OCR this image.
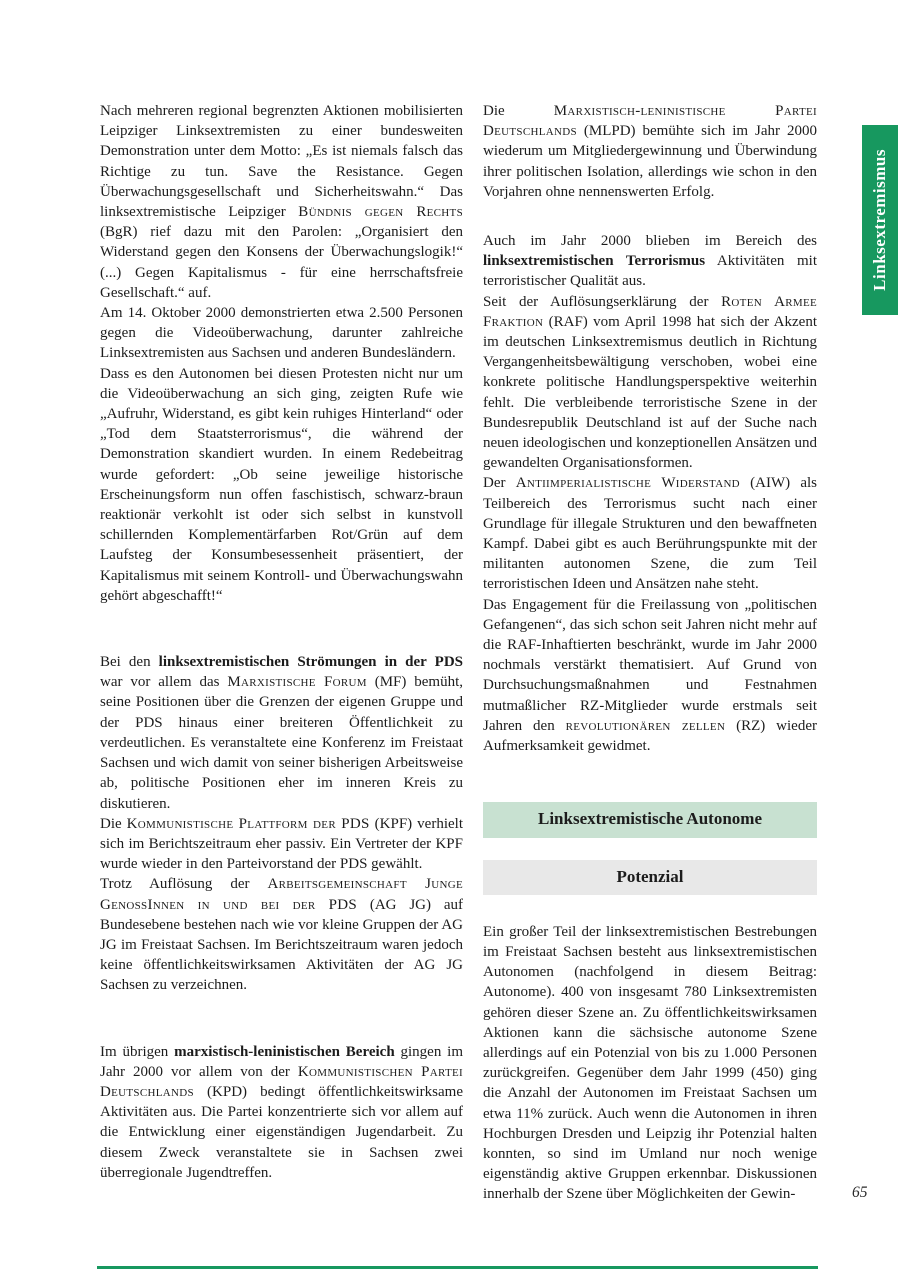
Nach mehreren regional begrenzten Aktionen mobilisierten Leipziger Linksextremisten zu einer bundesweiten Demonstration unter dem Motto: „Es ist niemals falsch das Richtige zu tun. Save the Resistance. Gegen Überwachungsgesellschaft und Sicherheitswahn.“ Das linksextremistische Leipziger Bündnis gegen Rechts (BgR) rief dazu mit den Parolen: „Organisiert den Widerstand gegen den Konsens der Überwachungslogik!“ (...) Gegen Kapitalismus - für eine herrschaftsfreie Gesellschaft.“ auf.

Am 14. Oktober 2000 demonstrierten etwa 2.500 Personen gegen die Videoüberwachung, darunter zahlreiche Linksextremisten aus Sachsen und anderen Bundesländern.

Dass es den Autonomen bei diesen Protesten nicht nur um die Videoüberwachung an sich ging, zeigten Rufe wie „Aufruhr, Widerstand, es gibt kein ruhiges Hinterland“ oder „Tod dem Staatsterrorismus“, die während der Demonstration skandiert wurden. In einem Redebeitrag wurde gefordert: „Ob seine jeweilige historische Erscheinungsform nun offen faschistisch, schwarz-braun reaktionär verkohlt ist oder sich selbst in kunstvoll schillernden Komplementärfarben Rot/Grün auf dem Laufsteg der Konsumbesessenheit präsentiert, der Kapitalismus mit seinem Kontroll- und Überwachungswahn gehört abgeschafft!“

Bei den linksextremistischen Strömungen in der PDS war vor allem das Marxistische Forum (MF) bemüht, seine Positionen über die Grenzen der eigenen Gruppe und der PDS hinaus einer breiteren Öffentlichkeit zu verdeutlichen. Es veranstaltete eine Konferenz im Freistaat Sachsen und wich damit von seiner bisherigen Arbeitsweise ab, politische Positionen eher im inneren Kreis zu diskutieren.

Die Kommunistische Plattform der PDS (KPF) verhielt sich im Berichtszeitraum eher passiv. Ein Vertreter der KPF wurde wieder in den Parteivorstand der PDS gewählt.

Trotz Auflösung der Arbeitsgemeinschaft Junge GenossInnen in und bei der PDS (AG JG) auf Bundesebene bestehen nach wie vor kleine Gruppen der AG JG im Freistaat Sachsen. Im Berichtszeitraum waren jedoch keine öffentlichkeitswirksamen Aktivitäten der AG JG Sachsen zu verzeichnen.

Im übrigen marxistisch-leninistischen Bereich gingen im Jahr 2000 vor allem von der Kommunistischen Partei Deutschlands (KPD) bedingt öffentlichkeitswirksame Aktivitäten aus. Die Partei konzentrierte sich vor allem auf die Entwicklung einer eigenständigen Jugendarbeit. Zu diesem Zweck veranstaltete sie in Sachsen zwei überregionale Jugendtreffen.

Die Marxistisch-leninistische Partei Deutschlands (MLPD) bemühte sich im Jahr 2000 wiederum um Mitgliedergewinnung und Überwindung ihrer politischen Isolation, allerdings wie schon in den Vorjahren ohne nennenswerten Erfolg.

Auch im Jahr 2000 blieben im Bereich des linksextremistischen Terrorismus Aktivitäten mit terroristischer Qualität aus.

Seit der Auflösungserklärung der Roten Armee Fraktion (RAF) vom April 1998 hat sich der Akzent im deutschen Linksextremismus deutlich in Richtung Vergangenheitsbewältigung verschoben, wobei eine konkrete politische Handlungsperspektive weiterhin fehlt. Die verbleibende terroristische Szene in der Bundesrepublik Deutschland ist auf der Suche nach neuen ideologischen und konzeptionellen Ansätzen und gewandelten Organisationsformen.

Der Antiimperialistische Widerstand (AIW) als Teilbereich des Terrorismus sucht nach einer Grundlage für illegale Strukturen und den bewaffneten Kampf. Dabei gibt es auch Berührungspunkte mit der militanten autonomen Szene, die zum Teil terroristischen Ideen und Ansätzen nahe steht.

Das Engagement für die Freilassung von „politischen Gefangenen“, das sich schon seit Jahren nicht mehr auf die RAF-Inhaftierten beschränkt, wurde im Jahr 2000 nochmals verstärkt thematisiert. Auf Grund von Durchsuchungsmaßnahmen und Festnahmen mutmaßlicher RZ-Mitglieder wurde erstmals seit Jahren den revolutionären zellen (RZ) wieder Aufmerksamkeit gewidmet.

Linksextremistische Autonome
Potenzial

Ein großer Teil der linksextremistischen Bestrebungen im Freistaat Sachsen besteht aus linksextremistischen Autonomen (nachfolgend in diesem Beitrag: Autonome). 400 von insgesamt 780 Linksextremisten gehören dieser Szene an. Zu öffentlichkeitswirksamen Aktionen kann die sächsische autonome Szene allerdings auf ein Potenzial von bis zu 1.000 Personen zurückgreifen. Gegenüber dem Jahr 1999 (450) ging die Anzahl der Autonomen im Freistaat Sachsen um etwa 11% zurück. Auch wenn die Autonomen in ihren Hochburgen Dresden und Leipzig ihr Potenzial halten konnten, so sind im Umland nur noch wenige eigenständig aktive Gruppen erkennbar. Diskussionen innerhalb der Szene über Möglichkeiten der Gewin-

Linksextremismus
65
